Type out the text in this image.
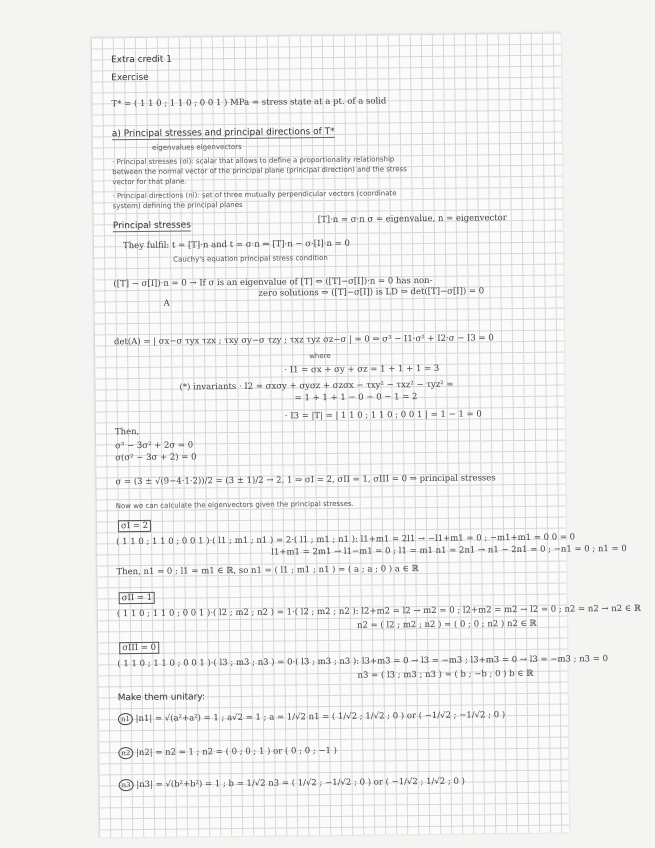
Extra credit 1
Exercise
T* = ( 1 1 0 ; 1 1 0 ; 0 0 1 ) MPa = stress state at a pt. of a solid
a) Principal stresses and principal directions of T*
eigenvalues eigenvectors
· Principal stresses (σi): scalar that allows to define a proportionality relationship
between the normal vector of the principal plane (principal direction) and the stress
vector for that plane.
· Principal directions (ni): set of three mutually perpendicular vectors (coordinate
system) defining the principal planes
Principal stresses
[T]·n = σ·n σ = eigenvalue, n = eigenvector
They fulfil: t = [T]·n and t = σ·n ⇒ [T]·n − σ·[I]·n = 0
Cauchy's equation principal stress condition
([T] − σ[I])·n = 0 → If σ is an eigenvalue of [T] ⇔ ([T]−σ[I])·n = 0 has non-
zero solutions ⇒ ([T]−σ[I]) is LD ⇒ det([T]−σ[I]) = 0
A
det(A) = | σx−σ τyx τzx ; τxy σy−σ τzy ; τxz τyz σz−σ | = 0 ⇒ σ³ − I1·σ² + I2·σ − I3 = 0
where
· I1 = σx + σy + σz = 1 + 1 + 1 = 3
(*) invariants · I2 = σxσy + σyσz + σzσx − τxy² − τxz² − τyz² =
= 1 + 1 + 1 − 0 − 0 − 1 = 2
· I3 = |T| = | 1 1 0 ; 1 1 0 ; 0 0 1 | = 1 − 1 = 0
Then,
σ³ − 3σ² + 2σ = 0
σ(σ² − 3σ + 2) = 0
σ = (3 ± √(9−4·1·2))/2 = (3 ± 1)/2 → 2, 1 ⇒ σI = 2, σII = 1, σIII = 0 ⇒ principal stresses
Now we can calculate the eigenvectors given the principal stresses.
σI = 2
( 1 1 0 ; 1 1 0 ; 0 0 1 )·( l1 ; m1 ; n1 ) = 2·( l1 ; m1 ; n1 ): l1+m1 = 2l1 → −l1+m1 = 0 ; −m1+m1 = 0 0 = 0
l1+m1 = 2m1 → l1−m1 = 0 ; l1 = m1 n1 = 2n1 → n1 − 2n1 = 0 ; −n1 = 0 ; n1 = 0
Then, n1 = 0 ; l1 = m1 ∈ ℝ, so n1 = ( l1 ; m1 ; n1 ) = ( a ; a ; 0 ) a ∈ ℝ
σII = 1
( 1 1 0 ; 1 1 0 ; 0 0 1 )·( l2 ; m2 ; n2 ) = 1·( l2 ; m2 ; n2 ): l2+m2 = l2 → m2 = 0 ; l2+m2 = m2 → l2 = 0 ; n2 = n2 → n2 ∈ ℝ
n2 = ( l2 ; m2 ; n2 ) = ( 0 ; 0 ; n2 ) n2 ∈ ℝ
σIII = 0
( 1 1 0 ; 1 1 0 ; 0 0 1 )·( l3 ; m3 ; n3 ) = 0·( l3 ; m3 ; n3 ): l3+m3 = 0 → l3 = −m3 ; l3+m3 = 0 → l3 = −m3 ; n3 = 0
n3 = ( l3 ; m3 ; n3 ) = ( b ; −b ; 0 ) b ∈ ℝ
Make them unitary:
n1 |n1| = √(a²+a²) = 1 ; a√2 = 1 ; a = 1/√2 n1 = ( 1/√2 ; 1/√2 ; 0 ) or ( −1/√2 ; −1/√2 ; 0 )
n2 |n2| = n2 = 1 ; n2 = ( 0 ; 0 ; 1 ) or ( 0 ; 0 ; −1 )
n3 |n3| = √(b²+b²) = 1 ; b = 1/√2 n3 = ( 1/√2 ; −1/√2 ; 0 ) or ( −1/√2 ; 1/√2 ; 0 )
